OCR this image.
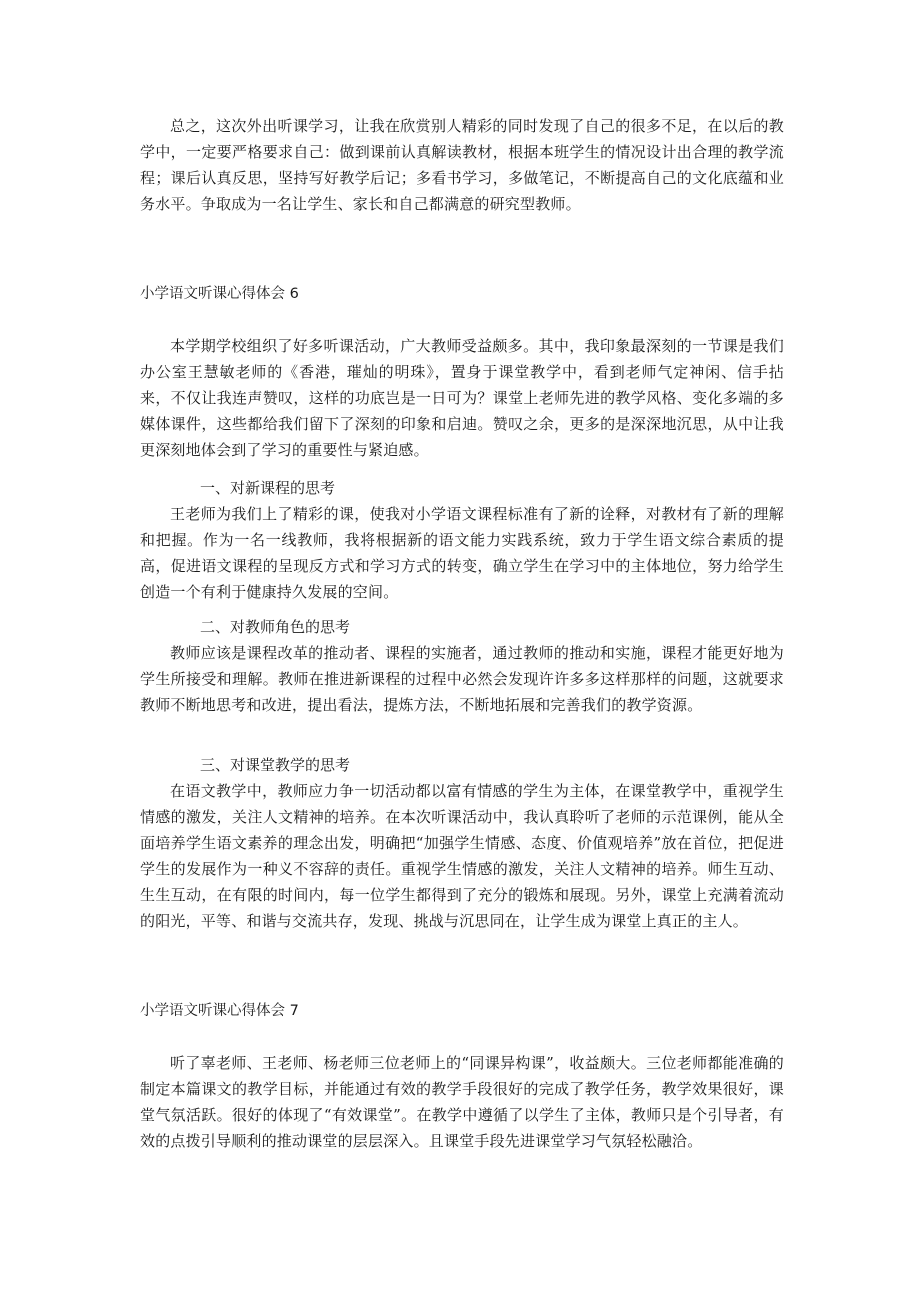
总之，这次外出听课学习，让我在欣赏别人精彩的同时发现了自己的很多不足，在以后的教学中，一定要严格要求自己：做到课前认真解读教材，根据本班学生的情况设计出合理的教学流程；课后认真反思，坚持写好教学后记；多看书学习，多做笔记，不断提高自己的文化底蕴和业务水平。争取成为一名让学生、家长和自己都满意的研究型教师。

小学语文听课心得体会 6

本学期学校组织了好多听课活动，广大教师受益颇多。其中，我印象最深刻的一节课是我们办公室王慧敏老师的《香港，璀灿的明珠》，置身于课堂教学中，看到老师气定神闲、信手拈来，不仅让我连声赞叹，这样的功底岂是一日可为？课堂上老师先进的教学风格、变化多端的多媒体课件，这些都给我们留下了深刻的印象和启迪。赞叹之余，更多的是深深地沉思，从中让我更深刻地体会到了学习的重要性与紧迫感。

一、对新课程的思考

王老师为我们上了精彩的课，使我对小学语文课程标准有了新的诠释，对教材有了新的理解和把握。作为一名一线教师，我将根据新的语文能力实践系统，致力于学生语文综合素质的提高，促进语文课程的呈现反方式和学习方式的转变，确立学生在学习中的主体地位，努力给学生创造一个有利于健康持久发展的空间。

二、对教师角色的思考

教师应该是课程改革的推动者、课程的实施者，通过教师的推动和实施，课程才能更好地为学生所接受和理解。教师在推进新课程的过程中必然会发现许许多多这样那样的问题，这就要求教师不断地思考和改进，提出看法，提炼方法，不断地拓展和完善我们的教学资源。

三、对课堂教学的思考

在语文教学中，教师应力争一切活动都以富有情感的学生为主体，在课堂教学中，重视学生情感的激发，关注人文精神的培养。在本次听课活动中，我认真聆听了老师的示范课例，能从全面培养学生语文素养的理念出发，明确把“加强学生情感、态度、价值观培养”放在首位，把促进学生的发展作为一种义不容辞的责任。重视学生情感的激发，关注人文精神的培养。师生互动、生生互动，在有限的时间内，每一位学生都得到了充分的锻炼和展现。另外，课堂上充满着流动的阳光，平等、和谐与交流共存，发现、挑战与沉思同在，让学生成为课堂上真正的主人。

小学语文听课心得体会 7

听了辜老师、王老师、杨老师三位老师上的“同课异构课”，收益颇大。三位老师都能准确的制定本篇课文的教学目标，并能通过有效的教学手段很好的完成了教学任务，教学效果很好，课堂气氛活跃。很好的体现了“有效课堂”。在教学中遵循了以学生了主体，教师只是个引导者，有效的点拨引导顺利的推动课堂的层层深入。且课堂手段先进课堂学习气氛轻松融洽。
